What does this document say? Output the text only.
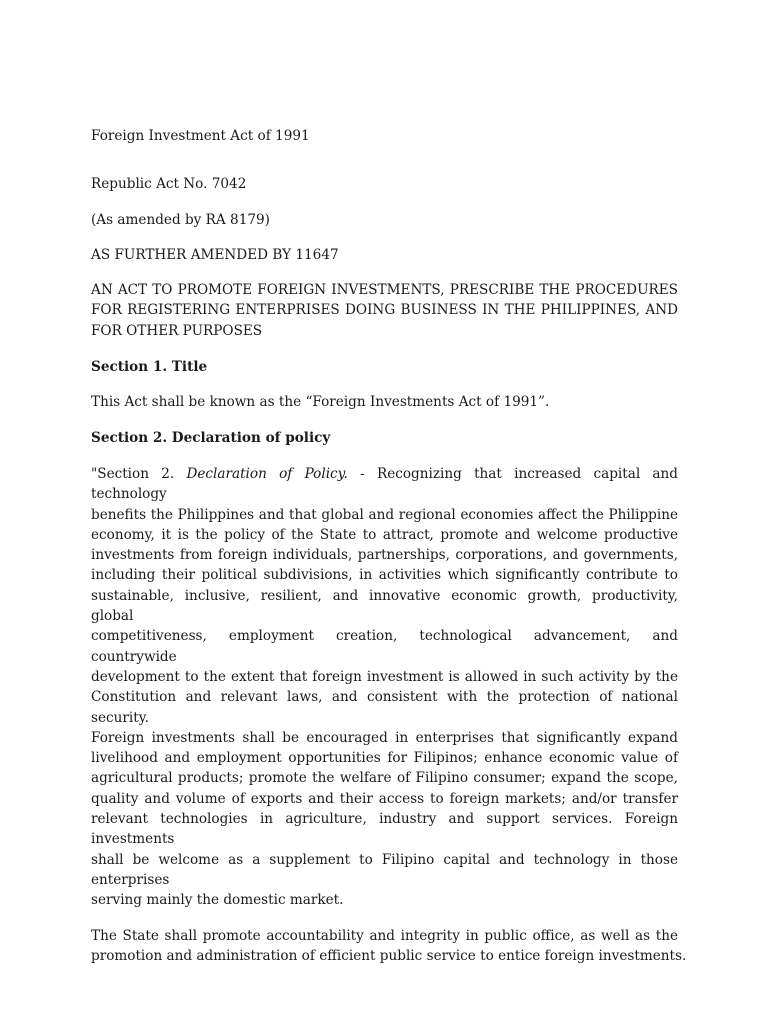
Foreign Investment Act of 1991

Republic Act No. 7042

(As amended by RA 8179)

AS FURTHER AMENDED BY 11647

AN ACT TO PROMOTE FOREIGN INVESTMENTS, PRESCRIBE THE PROCEDURES
FOR REGISTERING ENTERPRISES DOING BUSINESS IN THE PHILIPPINES, AND
FOR OTHER PURPOSES

Section 1. Title

This Act shall be known as the “Foreign Investments Act of 1991”.

Section 2. Declaration of policy

"Section 2. Declaration of Policy. - Recognizing that increased capital and technology
benefits the Philippines and that global and regional economies affect the Philippine
economy, it is the policy of the State to attract, promote and welcome productive
investments from foreign individuals, partnerships, corporations, and governments,
including their political subdivisions, in activities which significantly contribute to
sustainable, inclusive, resilient, and innovative economic growth, productivity, global
competitiveness, employment creation, technological advancement, and countrywide
development to the extent that foreign investment is allowed in such activity by the
Constitution and relevant laws, and consistent with the protection of national security.
Foreign investments shall be encouraged in enterprises that significantly expand
livelihood and employment opportunities for Filipinos; enhance economic value of
agricultural products; promote the welfare of Filipino consumer; expand the scope,
quality and volume of exports and their access to foreign markets; and/or transfer
relevant technologies in agriculture, industry and support services. Foreign investments
shall be welcome as a supplement to Filipino capital and technology in those enterprises
serving mainly the domestic market.
The State shall promote accountability and integrity in public office, as well as the
promotion and administration of efficient public service to entice foreign investments.
